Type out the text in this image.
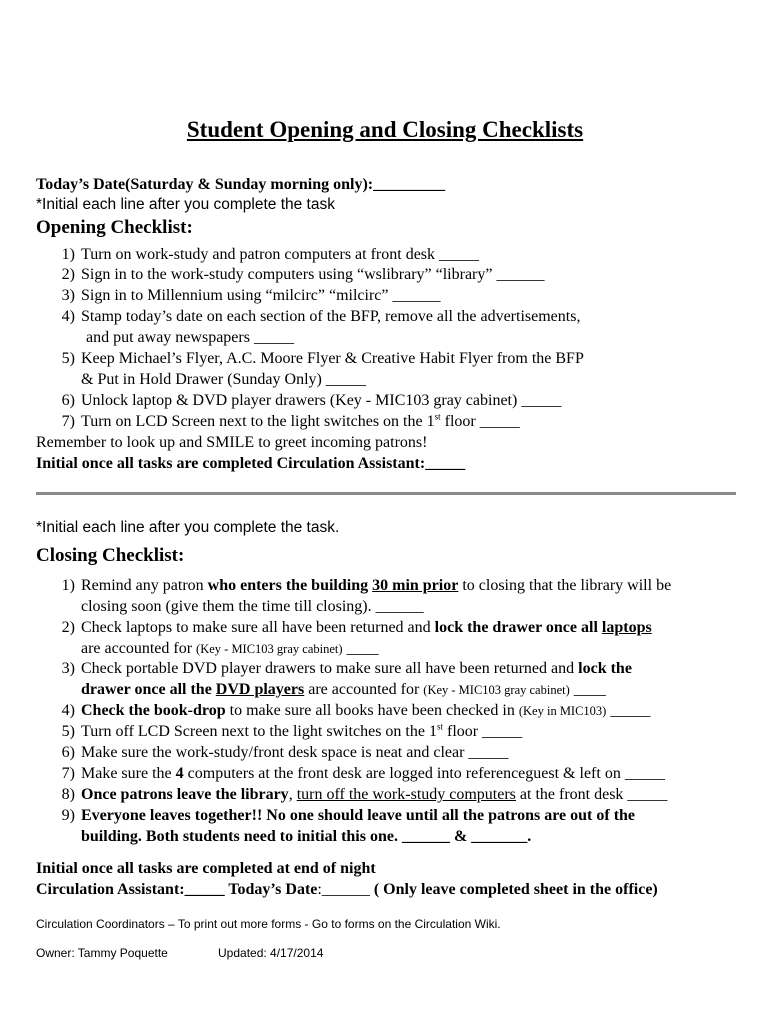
Student Opening and Closing Checklists
Today’s Date(Saturday & Sunday morning only):_________
*Initial each line after you complete the task
Opening Checklist:
1) Turn on work-study and patron computers at front desk _____
2) Sign in to the work-study computers using “wslibrary” “library” ______
3) Sign in to Millennium using “milcirc” “milcirc” ______
4) Stamp today’s date on each section of the BFP, remove all the advertisements,
and put away newspapers _____
5) Keep Michael’s Flyer, A.C. Moore Flyer & Creative Habit Flyer from the BFP
& Put in Hold Drawer (Sunday Only) _____
6) Unlock laptop & DVD player drawers (Key - MIC103 gray cabinet) _____
7) Turn on LCD Screen next to the light switches on the 1st floor _____
Remember to look up and SMILE to greet incoming patrons!
Initial once all tasks are completed Circulation Assistant:_____
*Initial each line after you complete the task.
Closing Checklist:
1) Remind any patron who enters the building 30 min prior to closing that the library will be
closing soon (give them the time till closing). ______
2) Check laptops to make sure all have been returned and lock the drawer once all laptops
are accounted for (Key - MIC103 gray cabinet) ____
3) Check portable DVD player drawers to make sure all have been returned and lock the
drawer once all the DVD players are accounted for (Key - MIC103 gray cabinet) ____
4) Check the book-drop to make sure all books have been checked in (Key in MIC103) _____
5) Turn off LCD Screen next to the light switches on the 1st floor _____
6) Make sure the work-study/front desk space is neat and clear _____
7) Make sure the 4 computers at the front desk are logged into referenceguest & left on _____
8) Once patrons leave the library, turn off the work-study computers at the front desk _____
9) Everyone leaves together!! No one should leave until all the patrons are out of the
building. Both students need to initial this one. ______ & _______.
Initial once all tasks are completed at end of night
Circulation Assistant:_____ Today’s Date:______ ( Only leave completed sheet in the office)
Circulation Coordinators – To print out more forms - Go to forms on the Circulation Wiki.
Owner: Tammy Poquette	Updated: 4/17/2014
